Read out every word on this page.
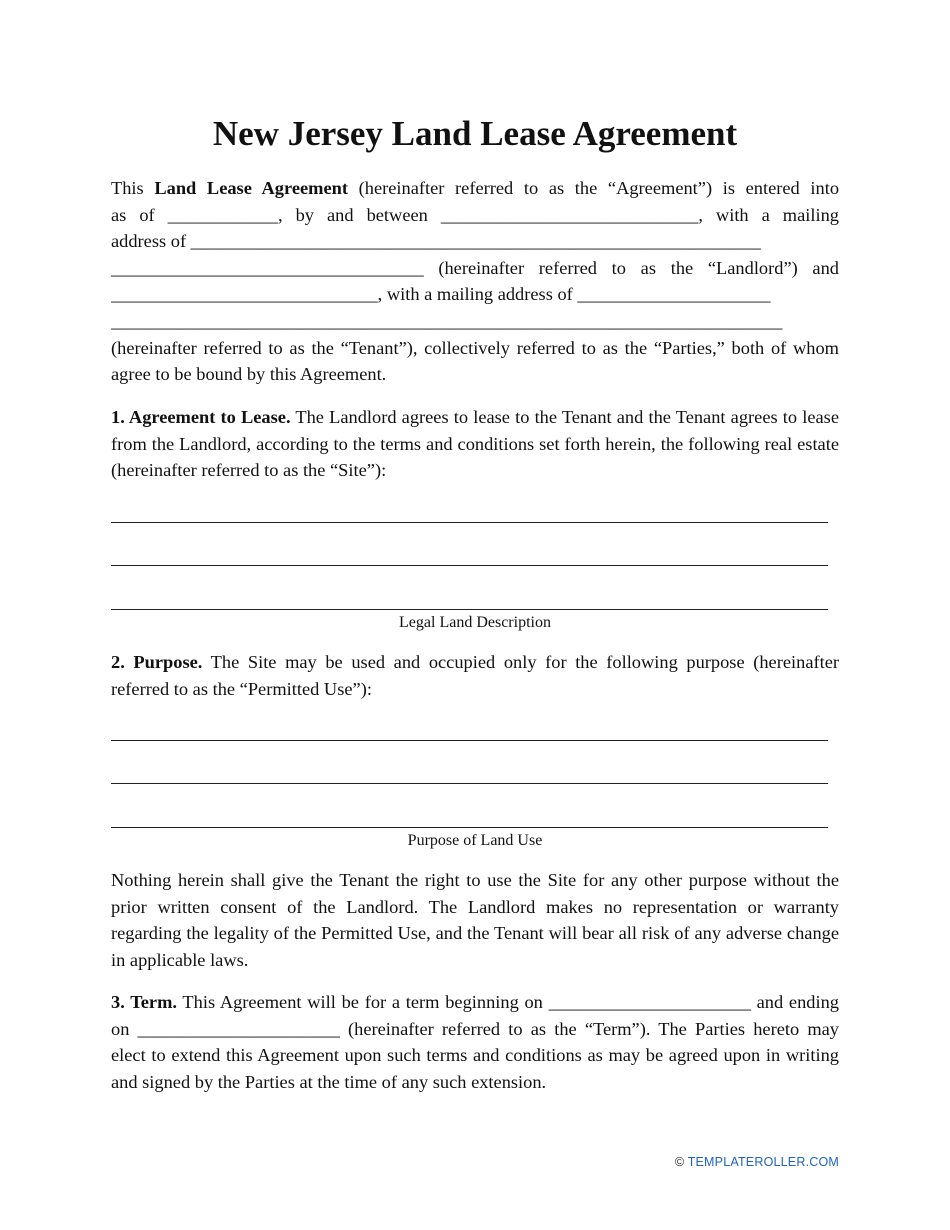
New Jersey Land Lease Agreement
This Land Lease Agreement (hereinafter referred to as the “Agreement”) is entered into
as of ____________, by and between ____________________________, with a mailing
address of ______________________________________________________________
__________________________________ (hereinafter referred to as the “Landlord”) and
_____________________________, with a mailing address of _____________________
_________________________________________________________________________
(hereinafter referred to as the “Tenant”), collectively referred to as the “Parties,” both of whom agree to be bound by this Agreement.

1. Agreement to Lease. The Landlord agrees to lease to the Tenant and the Tenant agrees to lease from the Landlord, according to the terms and conditions set forth herein, the following real estate (hereinafter referred to as the “Site”):

Legal Land Description

2. Purpose. The Site may be used and occupied only for the following purpose (hereinafter referred to as the “Permitted Use”):

Purpose of Land Use

Nothing herein shall give the Tenant the right to use the Site for any other purpose without the prior written consent of the Landlord. The Landlord makes no representation or warranty regarding the legality of the Permitted Use, and the Tenant will bear all risk of any adverse change in applicable laws.

3. Term. This Agreement will be for a term beginning on ______________________ and ending on ______________________ (hereinafter referred to as the “Term”). The Parties hereto may elect to extend this Agreement upon such terms and conditions as may be agreed upon in writing and signed by the Parties at the time of any such extension.

© TEMPLATEROLLER.COM
